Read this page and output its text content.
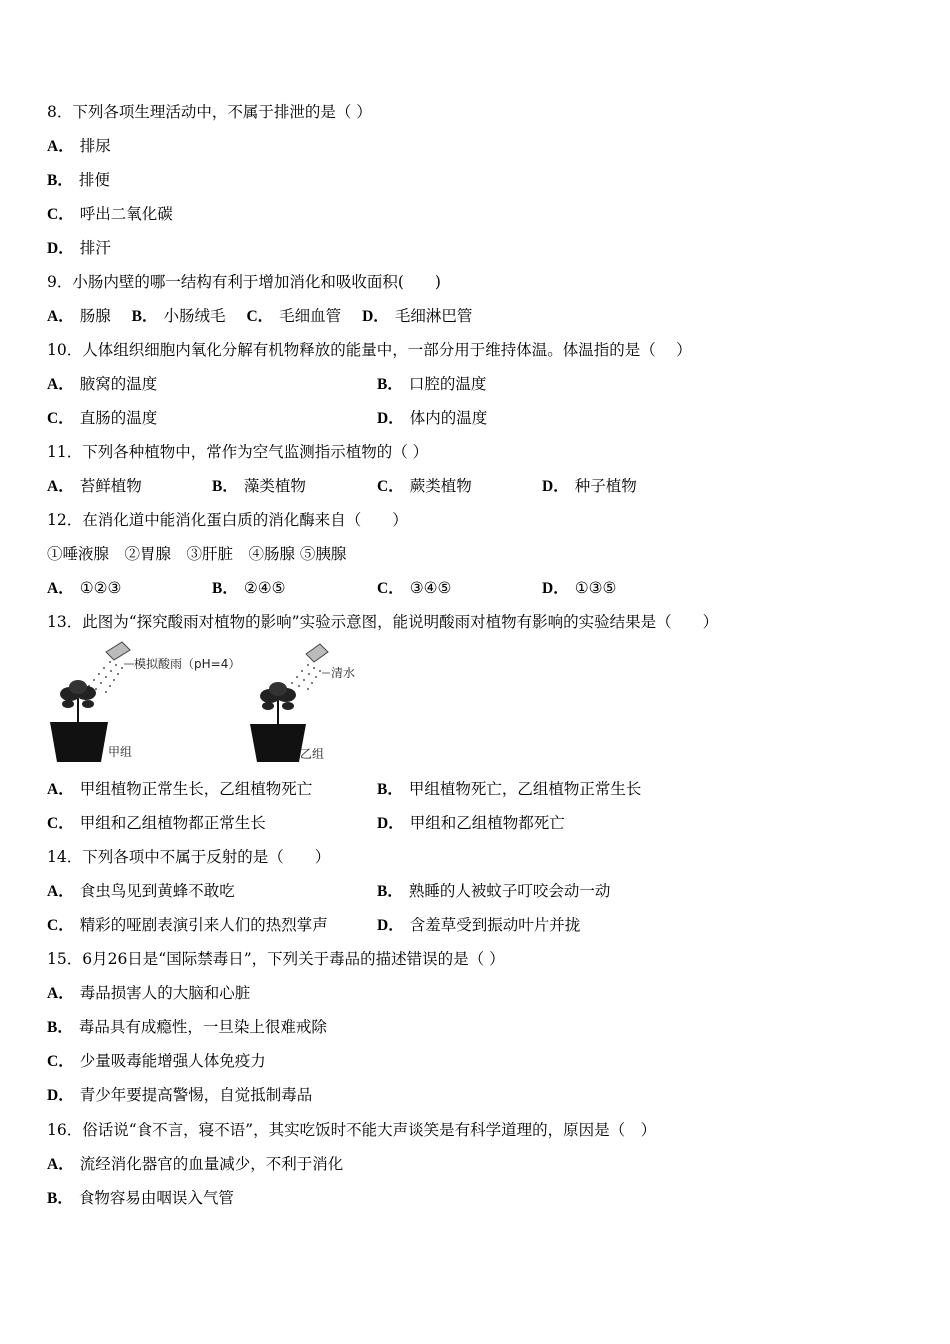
8．下列各项生理活动中，不属于排泄的是（ ）
A． 排尿
B． 排便
C． 呼出二氧化碳
D． 排汗
9．小肠内壁的哪一结构有利于增加消化和吸收面积(　　)
A． 肠腺 B． 小肠绒毛 C． 毛细血管 D． 毛细淋巴管
10．人体组织细胞内氧化分解有机物释放的能量中，一部分用于维持体温。体温指的是（　 ）
A． 腋窝的温度	B． 口腔的温度
C． 直肠的温度	D． 体内的温度
11．下列各种植物中，常作为空气监测指示植物的（ ）
A． 苔鲜植物	B． 藻类植物	C． 蕨类植物	D． 种子植物
12．在消化道中能消化蛋白质的消化酶来自（　　）
①唾液腺　②胃腺　③肝脏　④肠腺 ⑤胰腺
A． ①②③	B． ②④⑤	C． ③④⑤	D． ①③⑤
13．此图为“探究酸雨对植物的影响”实验示意图，能说明酸雨对植物有影响的实验结果是（　　）
模拟酸雨（pH=4）
甲组
清水
乙组
A． 甲组植物正常生长，乙组植物死亡	B． 甲组植物死亡，乙组植物正常生长
C． 甲组和乙组植物都正常生长	D． 甲组和乙组植物都死亡
14．下列各项中不属于反射的是（　　）
A． 食虫鸟见到黄蜂不敢吃	B． 熟睡的人被蚊子叮咬会动一动
C． 精彩的哑剧表演引来人们的热烈掌声	D． 含羞草受到振动叶片并拢
15．6月26日是“国际禁毒日”，下列关于毒品的描述错误的是（ ）
A． 毒品损害人的大脑和心脏
B． 毒品具有成瘾性，一旦染上很难戒除
C． 少量吸毒能增强人体免疫力
D． 青少年要提高警惕，自觉抵制毒品
16．俗话说“食不言，寝不语”，其实吃饭时不能大声谈笑是有科学道理的，原因是（　）
A． 流经消化器官的血量减少，不利于消化
B． 食物容易由咽误入气管
